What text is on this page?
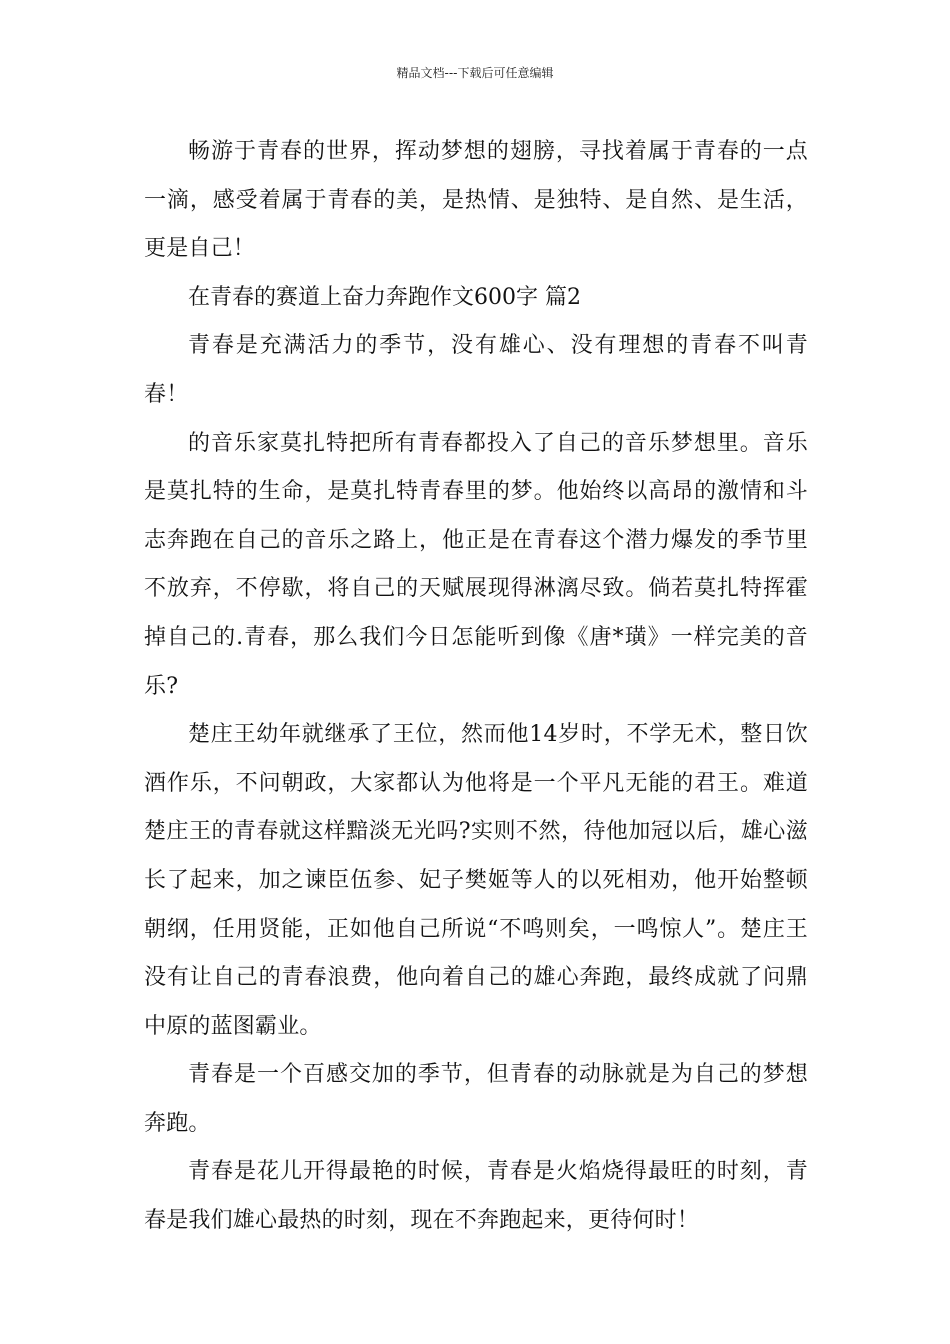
精品文档---下载后可任意编辑

畅游于青春的世界，挥动梦想的翅膀，寻找着属于青春的一点一滴，感受着属于青春的美，是热情、是独特、是自然、是生活，更是自己！

在青春的赛道上奋力奔跑作文600字 篇2

青春是充满活力的季节，没有雄心、没有理想的青春不叫青春！

的音乐家莫扎特把所有青春都投入了自己的音乐梦想里。音乐是莫扎特的生命，是莫扎特青春里的梦。他始终以高昂的激情和斗志奔跑在自己的音乐之路上，他正是在青春这个潜力爆发的季节里不放弃，不停歇，将自己的天赋展现得淋漓尽致。倘若莫扎特挥霍掉自己的.青春，那么我们今日怎能听到像《唐*璜》一样完美的音乐?

楚庄王幼年就继承了王位，然而他14岁时，不学无术，整日饮酒作乐，不问朝政，大家都认为他将是一个平凡无能的君王。难道楚庄王的青春就这样黯淡无光吗?实则不然，待他加冠以后，雄心滋长了起来，加之谏臣伍参、妃子樊姬等人的以死相劝，他开始整顿朝纲，任用贤能，正如他自己所说“不鸣则矣，一鸣惊人”。楚庄王没有让自己的青春浪费，他向着自己的雄心奔跑，最终成就了问鼎中原的蓝图霸业。

青春是一个百感交加的季节，但青春的动脉就是为自己的梦想奔跑。

青春是花儿开得最艳的时候，青春是火焰烧得最旺的时刻，青春是我们雄心最热的时刻，现在不奔跑起来，更待何时！
